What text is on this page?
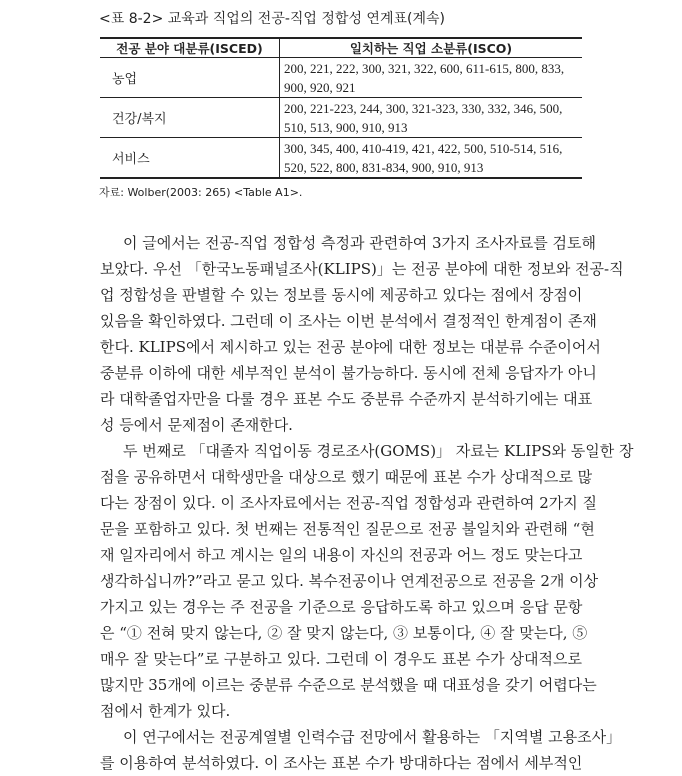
<표 8-2> 교육과 직업의 전공-직업 정합성 연계표(계속)
전공 분야 대분류(ISCED)	일치하는 직업 소분류(ISCO)
농업	200, 221, 222, 300, 321, 322, 600, 611-615, 800, 833, 900, 920, 921
건강/복지	200, 221-223, 244, 300, 321-323, 330, 332, 346, 500, 510, 513, 900, 910, 913
서비스	300, 345, 400, 410-419, 421, 422, 500, 510-514, 516, 520, 522, 800, 831-834, 900, 910, 913
자료: Wolber(2003: 265) <Table A1>.
이 글에서는 전공-직업 정합성 측정과 관련하여 3가지 조사자료를 검토해
보았다. 우선 「한국노동패널조사(KLIPS)」는 전공 분야에 대한 정보와 전공-직
업 정합성을 판별할 수 있는 정보를 동시에 제공하고 있다는 점에서 장점이
있음을 확인하였다. 그런데 이 조사는 이번 분석에서 결정적인 한계점이 존재
한다. KLIPS에서 제시하고 있는 전공 분야에 대한 정보는 대분류 수준이어서
중분류 이하에 대한 세부적인 분석이 불가능하다. 동시에 전체 응답자가 아니
라 대학졸업자만을 다룰 경우 표본 수도 중분류 수준까지 분석하기에는 대표
성 등에서 문제점이 존재한다.
두 번째로 「대졸자 직업이동 경로조사(GOMS)」 자료는 KLIPS와 동일한 장
점을 공유하면서 대학생만을 대상으로 했기 때문에 표본 수가 상대적으로 많
다는 장점이 있다. 이 조사자료에서는 전공-직업 정합성과 관련하여 2가지 질
문을 포함하고 있다. 첫 번째는 전통적인 질문으로 전공 불일치와 관련해 “현
재 일자리에서 하고 계시는 일의 내용이 자신의 전공과 어느 정도 맞는다고
생각하십니까?”라고 묻고 있다. 복수전공이나 연계전공으로 전공을 2개 이상
가지고 있는 경우는 주 전공을 기준으로 응답하도록 하고 있으며 응답 문항
은 “① 전혀 맞지 않는다, ② 잘 맞지 않는다, ③ 보통이다, ④ 잘 맞는다, ⑤
매우 잘 맞는다”로 구분하고 있다. 그런데 이 경우도 표본 수가 상대적으로
많지만 35개에 이르는 중분류 수준으로 분석했을 때 대표성을 갖기 어렵다는
점에서 한계가 있다.
이 연구에서는 전공계열별 인력수급 전망에서 활용하는 「지역별 고용조사」
를 이용하여 분석하였다. 이 조사는 표본 수가 방대하다는 점에서 세부적인
